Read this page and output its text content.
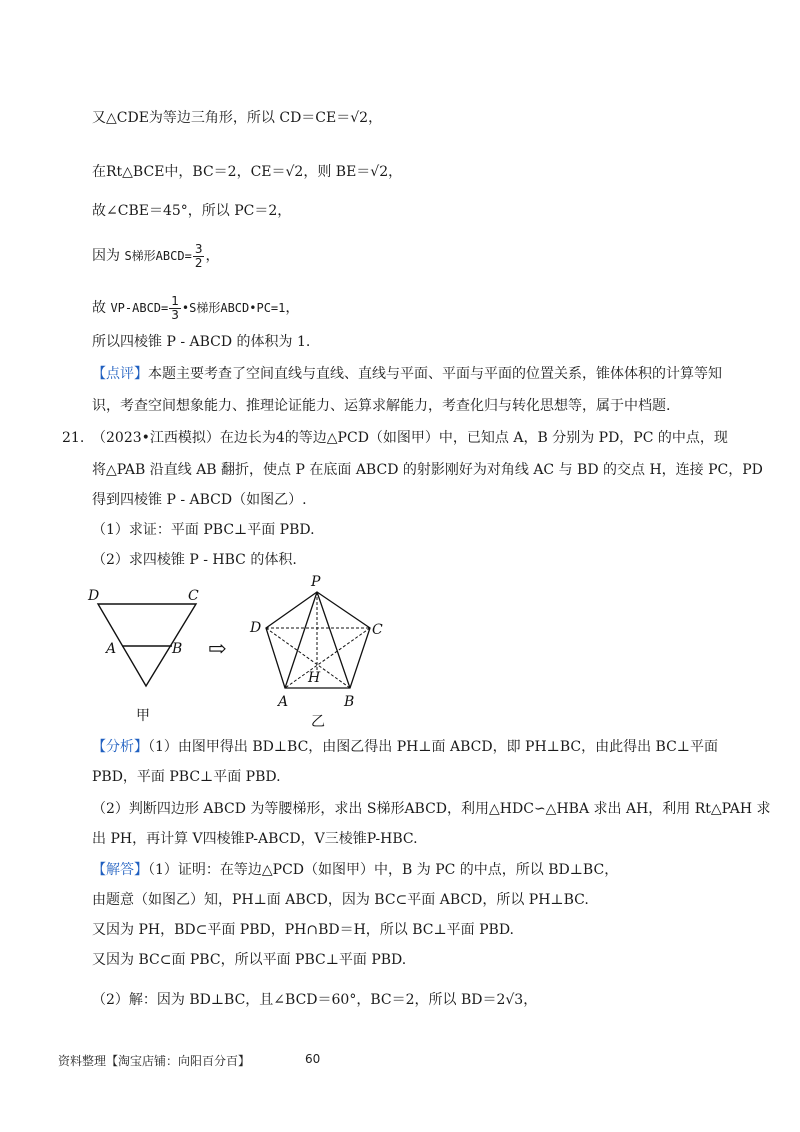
又△CDE为等边三角形，所以 CD＝CE＝√2，
在Rt△BCE中，BC＝2，CE＝√2，则 BE＝√2，
故∠CBE＝45°，所以 PC＝2，
因为 S梯形ABCD= $\frac{3}{2}$ ，
故 VP-ABCD= $\frac{1}{3}$ •S梯形ABCD•PC=1，
所以四棱锥 P - ABCD 的体积为 1.
【点评】本题主要考查了空间直线与直线、直线与平面、平面与平面的位置关系，锥体体积的计算等知
识，考查空间想象能力、推理论证能力、运算求解能力，考查化归与转化思想等，属于中档题.
21. （2023•江西模拟）在边长为4的等边△PCD（如图甲）中，已知点 A，B 分别为 PD，PC 的中点，现
将△PAB 沿直线 AB 翻折，使点 P 在底面 ABCD 的射影刚好为对角线 AC 与 BD 的交点 H，连接 PC，PD
得到四棱锥 P - ABCD（如图乙）.
（1）求证：平面 PBC⊥平面 PBD.
（2）求四棱锥 P - HBC 的体积.
D	C
A	B
甲
⇨
P
D	C
H
A	B
乙
【分析】（1）由图甲得出 BD⊥BC，由图乙得出 PH⊥面 ABCD，即 PH⊥BC，由此得出 BC⊥平面
PBD，平面 PBC⊥平面 PBD.
（2）判断四边形 ABCD 为等腰梯形，求出 S梯形ABCD，利用△HDC∽△HBA 求出 AH，利用 Rt△PAH 求
出 PH，再计算 V四棱锥P-ABCD，V三棱锥P-HBC.
【解答】（1）证明：在等边△PCD（如图甲）中，B 为 PC 的中点，所以 BD⊥BC，
由题意（如图乙）知，PH⊥面 ABCD，因为 BC⊂平面 ABCD，所以 PH⊥BC.
又因为 PH，BD⊂平面 PBD，PH∩BD＝H，所以 BC⊥平面 PBD.
又因为 BC⊂面 PBC，所以平面 PBC⊥平面 PBD.
（2）解：因为 BD⊥BC，且∠BCD＝60°，BC＝2，所以 BD＝2√3，
资料整理【淘宝店铺：向阳百分百】	60
